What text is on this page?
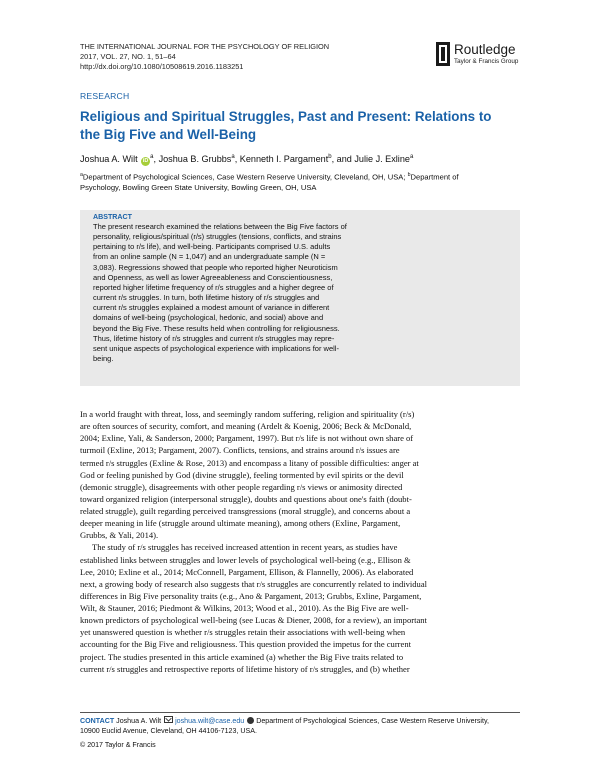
THE INTERNATIONAL JOURNAL FOR THE PSYCHOLOGY OF RELIGION
2017, VOL. 27, NO. 1, 51–64
http://dx.doi.org/10.1080/10508619.2016.1183251
Routledge
Taylor & Francis Group
RESEARCH
Religious and Spiritual Struggles, Past and Present: Relations to
the Big Five and Well-Being
Joshua A. Wilt $iD^a$, Joshua B. Grubbs$^a$, Kenneth I. Pargament$^b$, and Julie J. Exline$^a$
$^a$Department of Psychological Sciences, Case Western Reserve University, Cleveland, OH, USA; $^b$Department of
Psychology, Bowling Green State University, Bowling Green, OH, USA
ABSTRACT
The present research examined the relations between the Big Five factors of
personality, religious/spiritual (r/s) struggles (tensions, conflicts, and strains
pertaining to r/s life), and well-being. Participants comprised U.S. adults
from an online sample (N = 1,047) and an undergraduate sample (N =
3,083). Regressions showed that people who reported higher Neuroticism
and Openness, as well as lower Agreeableness and Conscientiousness,
reported higher lifetime frequency of r/s struggles and a higher degree of
current r/s struggles. In turn, both lifetime history of r/s struggles and
current r/s struggles explained a modest amount of variance in different
domains of well-being (psychological, hedonic, and social) above and
beyond the Big Five. These results held when controlling for religiousness.
Thus, lifetime history of r/s struggles and current r/s struggles may repre-
sent unique aspects of psychological experience with implications for well-
being.
In a world fraught with threat, loss, and seemingly random suffering, religion and spirituality (r/s)
are often sources of security, comfort, and meaning (Ardelt & Koenig, 2006; Beck & McDonald,
2004; Exline, Yali, & Sanderson, 2000; Pargament, 1997). But r/s life is not without own share of
turmoil (Exline, 2013; Pargament, 2007). Conflicts, tensions, and strains around r/s issues are
termed r/s struggles (Exline & Rose, 2013) and encompass a litany of possible difficulties: anger at
God or feeling punished by God (divine struggle), feeling tormented by evil spirits or the devil
(demonic struggle), disagreements with other people regarding r/s views or animosity directed
toward organized religion (interpersonal struggle), doubts and questions about one's faith (doubt-
related struggle), guilt regarding perceived transgressions (moral struggle), and concerns about a
deeper meaning in life (struggle around ultimate meaning), among others (Exline, Pargament,
Grubbs, & Yali, 2014).
The study of r/s struggles has received increased attention in recent years, as studies have
established links between struggles and lower levels of psychological well-being (e.g., Ellison &
Lee, 2010; Exline et al., 2014; McConnell, Pargament, Ellison, & Flannelly, 2006). As elaborated
next, a growing body of research also suggests that r/s struggles are concurrently related to individual
differences in Big Five personality traits (e.g., Ano & Pargament, 2013; Grubbs, Exline, Pargament,
Wilt, & Stauner, 2016; Piedmont & Wilkins, 2013; Wood et al., 2010). As the Big Five are well-
known predictors of psychological well-being (see Lucas & Diener, 2008, for a review), an important
yet unanswered question is whether r/s struggles retain their associations with well-being when
accounting for the Big Five and religiousness. This question provided the impetus for the current
project. The studies presented in this article examined (a) whether the Big Five traits related to
current r/s struggles and retrospective reports of lifetime history of r/s struggles, and (b) whether
CONTACT Joshua A. Wilt joshua.wilt@case.edu Department of Psychological Sciences, Case Western Reserve University,
10900 Euclid Avenue, Cleveland, OH 44106-7123, USA.
© 2017 Taylor & Francis
